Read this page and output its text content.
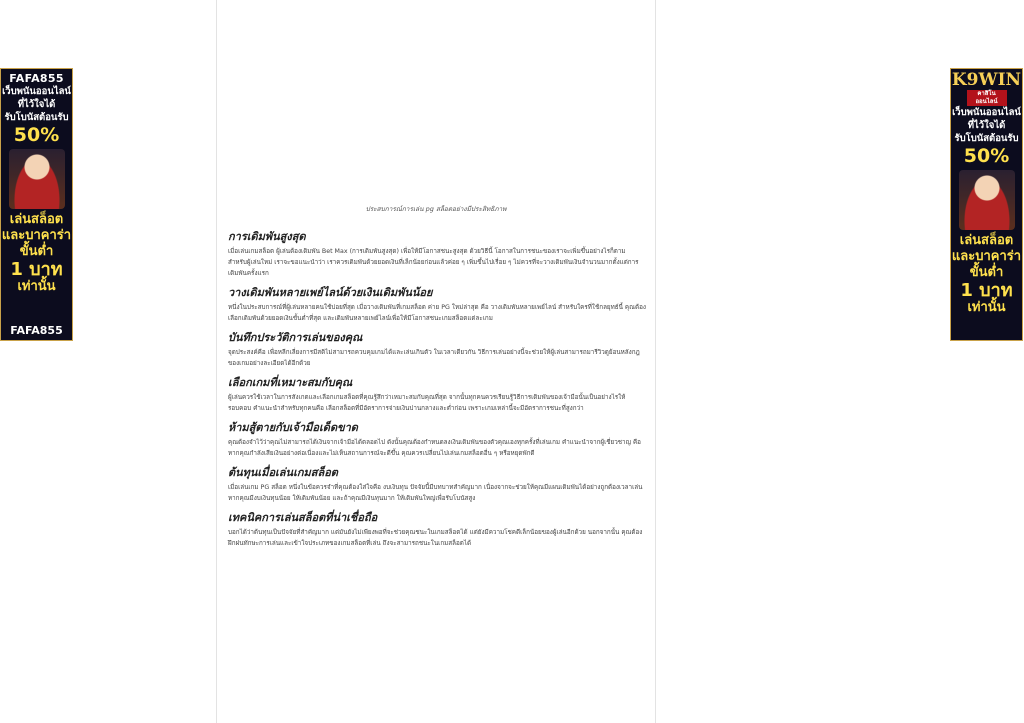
FAFA855
เว็บพนันออนไลน์
ที่ไว้ใจได้
รับโบนัสต้อนรับ
50%
เล่นสล็อต
และบาคาร่า
ขั้นต่ำ
1 บาท
เท่านั้น
FAFA855
ประสบการณ์การเล่น pg สล็อตอย่างมีประสิทธิภาพ
การเดิมพันสูงสุด

เมื่อเล่นเกมสล็อต ผู้เล่นต้องเดิมพัน Bet Max (การเดิมพันสูงสุด) เพื่อให้มีโอกาสชนะสูงสุด ด้วยวิธีนี้ โอกาสในการชนะของเราจะเพิ่มขึ้นอย่างไรก็ตาม สำหรับผู้เล่นใหม่ เราจะขอแนะนำว่า เราควรเดิมพันด้วยยอดเงินที่เล็กน้อยก่อนแล้วค่อย ๆ เพิ่มขึ้นไปเรื่อย ๆ ไม่ควรที่จะวางเดิมพันเงินจำนวนมากตั้งแต่การเดิมพันครั้งแรก

วางเดิมพันหลายเพย์ไลน์ด้วยเงินเดิมพันน้อย

หนึ่งในประสบการณ์ที่ผู้เล่นหลายคนใช้บ่อยที่สุด เมื่อวางเดิมพันที่เกมสล็อต ค่าย PG ใหม่ล่าสุด คือ วางเดิมพันหลายเพย์ไลน์ สำหรับใครที่ใช้กลยุทธ์นี้ คุณต้องเลือกเดิมพันด้วยยอดเงินขั้นต่ำที่สุด และเดิมพันหลายเพย์ไลน์เพื่อให้มีโอกาสชนะเกมสล็อตแต่ละเกม

บันทึกประวัติการเล่นของคุณ

จุดประสงค์คือ เพื่อหลีกเลี่ยงการมีสติไม่สามารถควบคุมเกมได้และเล่นเกินตัว ในเวลาเดียวกัน วิธีการเล่นอย่างนี้จะช่วยให้ผู้เล่นสามารถมารีวิวดูย้อนหลังกฎของเกมอย่างละเอียดได้อีกด้วย

เลือกเกมที่เหมาะสมกับคุณ

ผู้เล่นควรใช้เวลาในการสังเกตและเลือกเกมสล็อตที่คุณรู้สึกว่าเหมาะสมกับคุณที่สุด จากนั้นทุกคนควรเรียนรู้วิธีการเดิมพันของเจ้ามือนั้นเป็นอย่างไรให้รอบคอบ คำแนะนำสำหรับทุกคนคือ เลือกสล็อตที่มีอัตราการจ่ายเงินปานกลางและต่ำก่อน เพราะเกมเหล่านี้จะมีอัตราการชนะที่สูงกว่า

ห้ามสู้ตายกับเจ้ามือเด็ดขาด

คุณต้องจำไว้ว่าคุณไม่สามารถได้เงินจากเจ้ามือได้ตลอดไป ดังนั้นคุณต้องกำหนดลงเงินเดิมพันของตัวคุณเองทุกครั้งที่เล่นเกม คำแนะนำจากผู้เชี่ยวชาญ คือ หากคุณกำลังเสียเงินอย่างต่อเนื่องและไม่เห็นสถานการณ์จะดีขึ้น คุณควรเปลี่ยนไปเล่นเกมสล็อตอื่น ๆ หรือหยุดพักดี

ต้นทุนเมื่อเล่นเกมสล็อต

เมื่อเล่นเกม PG สล็อต หนึ่งในข้อควรจำที่คุณต้องใส่ใจคือ งบเงินทุน ปัจจัยนี้มีบทบาทสำคัญมาก เนื่องจากจะช่วยให้คุณมีแผนเดิมพันได้อย่างถูกต้องเวลาเล่น หากคุณมีงบเงินทุนน้อย ให้เดิมพันน้อย และถ้าคุณมีเงินทุนมาก ให้เดิมพันใหญ่เพื่อรับโบนัสสูง

เทคนิคการเล่นสล็อตที่น่าเชื่อถือ

บอกได้ว่าต้นทุนเป็นปัจจัยที่สำคัญมาก แต่มันยังไม่เพียงพอที่จะช่วยคุณชนะในเกมสล็อตได้ แต่ยังมีความโชคดีเล็กน้อยของผู้เล่นอีกด้วย นอกจากนั้น คุณต้องฝึกฝนทักษะการเล่นและเข้าใจประเภทของเกมสล็อตที่เล่น ถึงจะสามารถชนะในเกมสล็อตได้

K9WIN
คาสิโน ออนไลน์
เว็บพนันออนไลน์
ที่ไว้ใจได้
รับโบนัสต้อนรับ
50%
เล่นสล็อต
และบาคาร่า
ขั้นต่ำ
1 บาท
เท่านั้น
